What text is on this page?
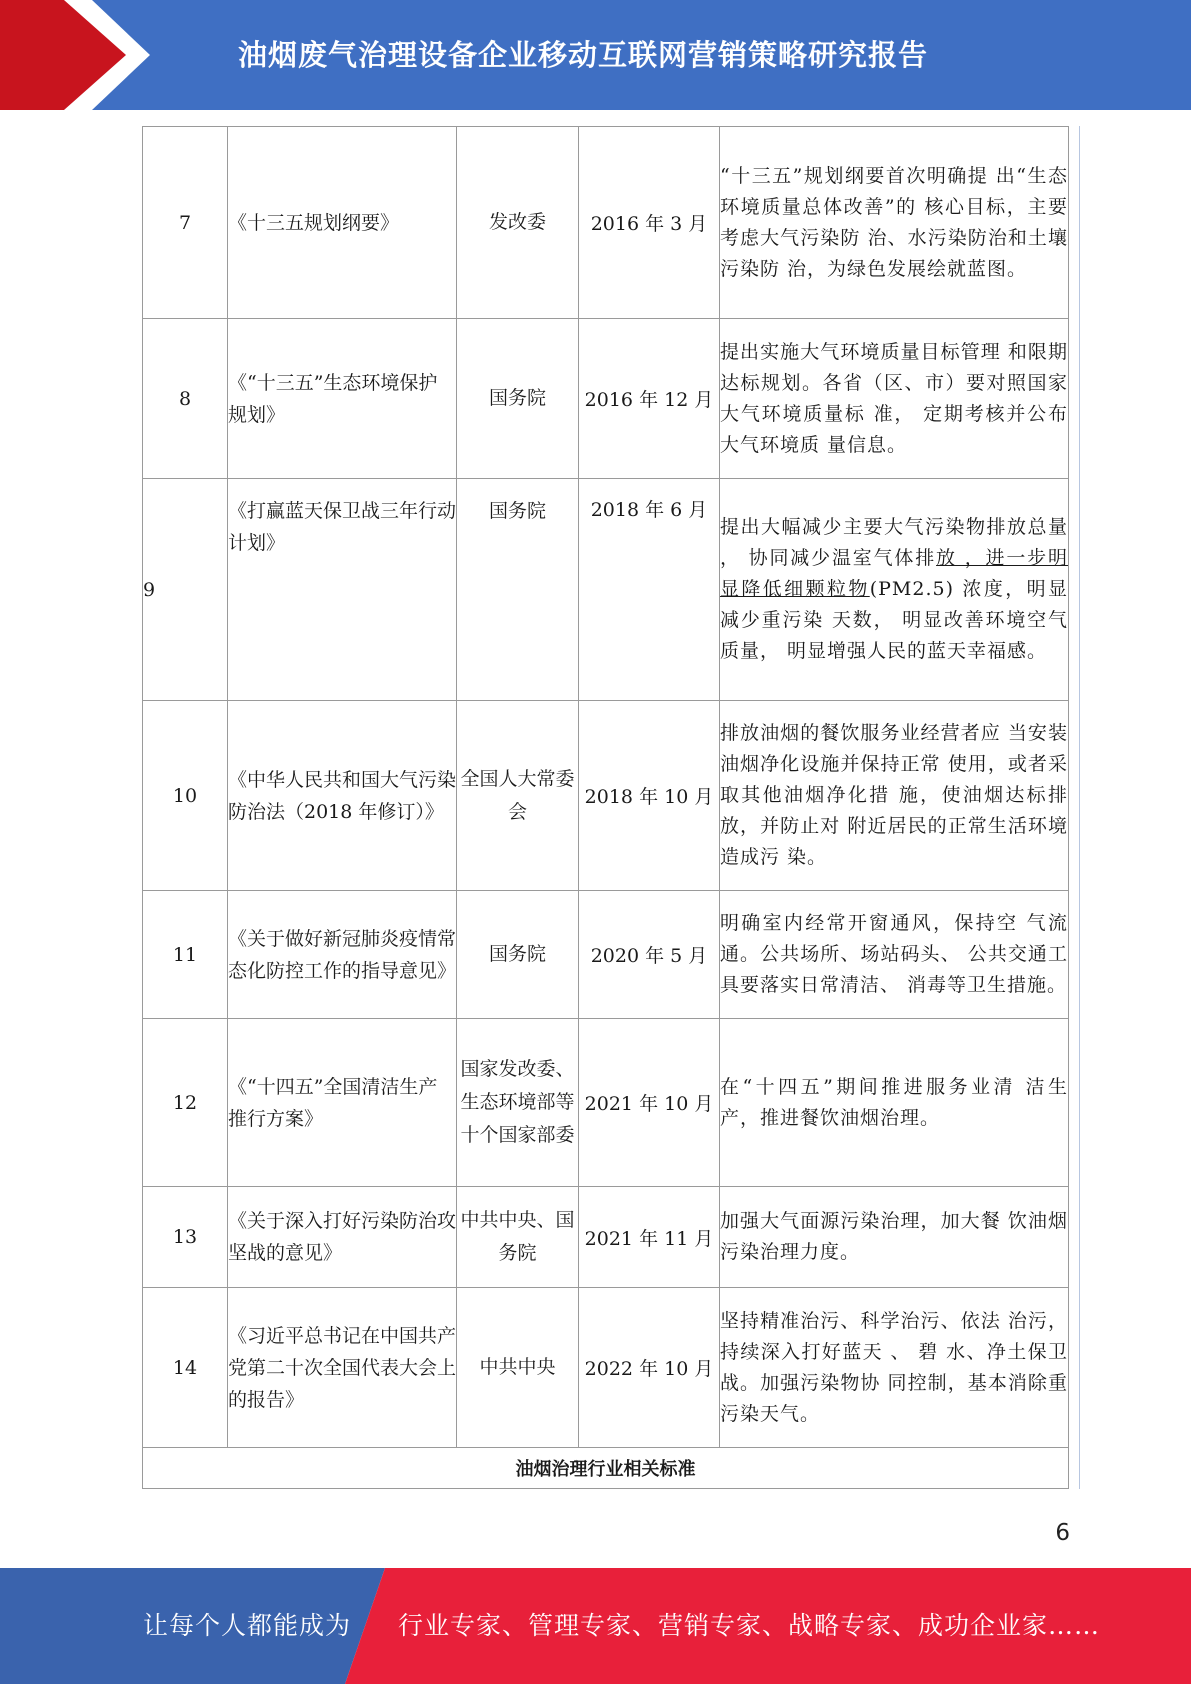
油烟废气治理设备企业移动互联网营销策略研究报告
7	《十三五规划纲要》	发改委	2016 年 3 月	“十三五”规划纲要首次明确提 出“生态环境质量总体改善”的 核心目标，主要考虑大气污染防 治、水污染防治和土壤污染防 治，为绿色发展绘就蓝图。
8	《“十三五”生态环境保护规划》	国务院	2016 年 12 月	提出实施大气环境质量目标管理 和限期达标规划。各省（区、市）要对照国家大气环境质量标 准， 定期考核并公布大气环境质 量信息。
9	《打赢蓝天保卫战三年行动计划》	国务院	2018 年 6 月	提出大幅减少主要大气污染物排放总量 ， 协同减少温室气体排放 ，进一步明显降低细颗粒物(PM2.5) 浓度，明显减少重污染 天数， 明显改善环境空气质量， 明显增强人民的蓝天幸福感。
10	《中华人民共和国大气污染防治法（2018 年修订）》	全国人大常委会	2018 年 10 月	排放油烟的餐饮服务业经营者应 当安装油烟净化设施并保持正常 使用，或者采取其他油烟净化措 施，使油烟达标排放，并防止对 附近居民的正常生活环境造成污 染。
11	《关于做好新冠肺炎疫情常态化防控工作的指导意见》	国务院	2020 年 5 月	明确室内经常开窗通风，保持空 气流通。公共场所、场站码头、 公共交通工具要落实日常清洁、 消毒等卫生措施。
12	《“十四五”全国清洁生产推行方案》	国家发改委、生态环境部等十个国家部委	2021 年 10 月	在“十四五”期间推进服务业清 洁生产，推进餐饮油烟治理。
13	《关于深入打好污染防治攻坚战的意见》	中共中央、国务院	2021 年 11 月	加强大气面源污染治理，加大餐 饮油烟污染治理力度。
14	《习近平总书记在中国共产党第二十次全国代表大会上的报告》	中共中央	2022 年 10 月	坚持精准治污、科学治污、依法 治污， 持续深入打好蓝天 、 碧 水、净土保卫战。加强污染物协 同控制，基本消除重污染天气。
油烟治理行业相关标准				
6
让每个人都能成为 行业专家、管理专家、营销专家、战略专家、成功企业家……
